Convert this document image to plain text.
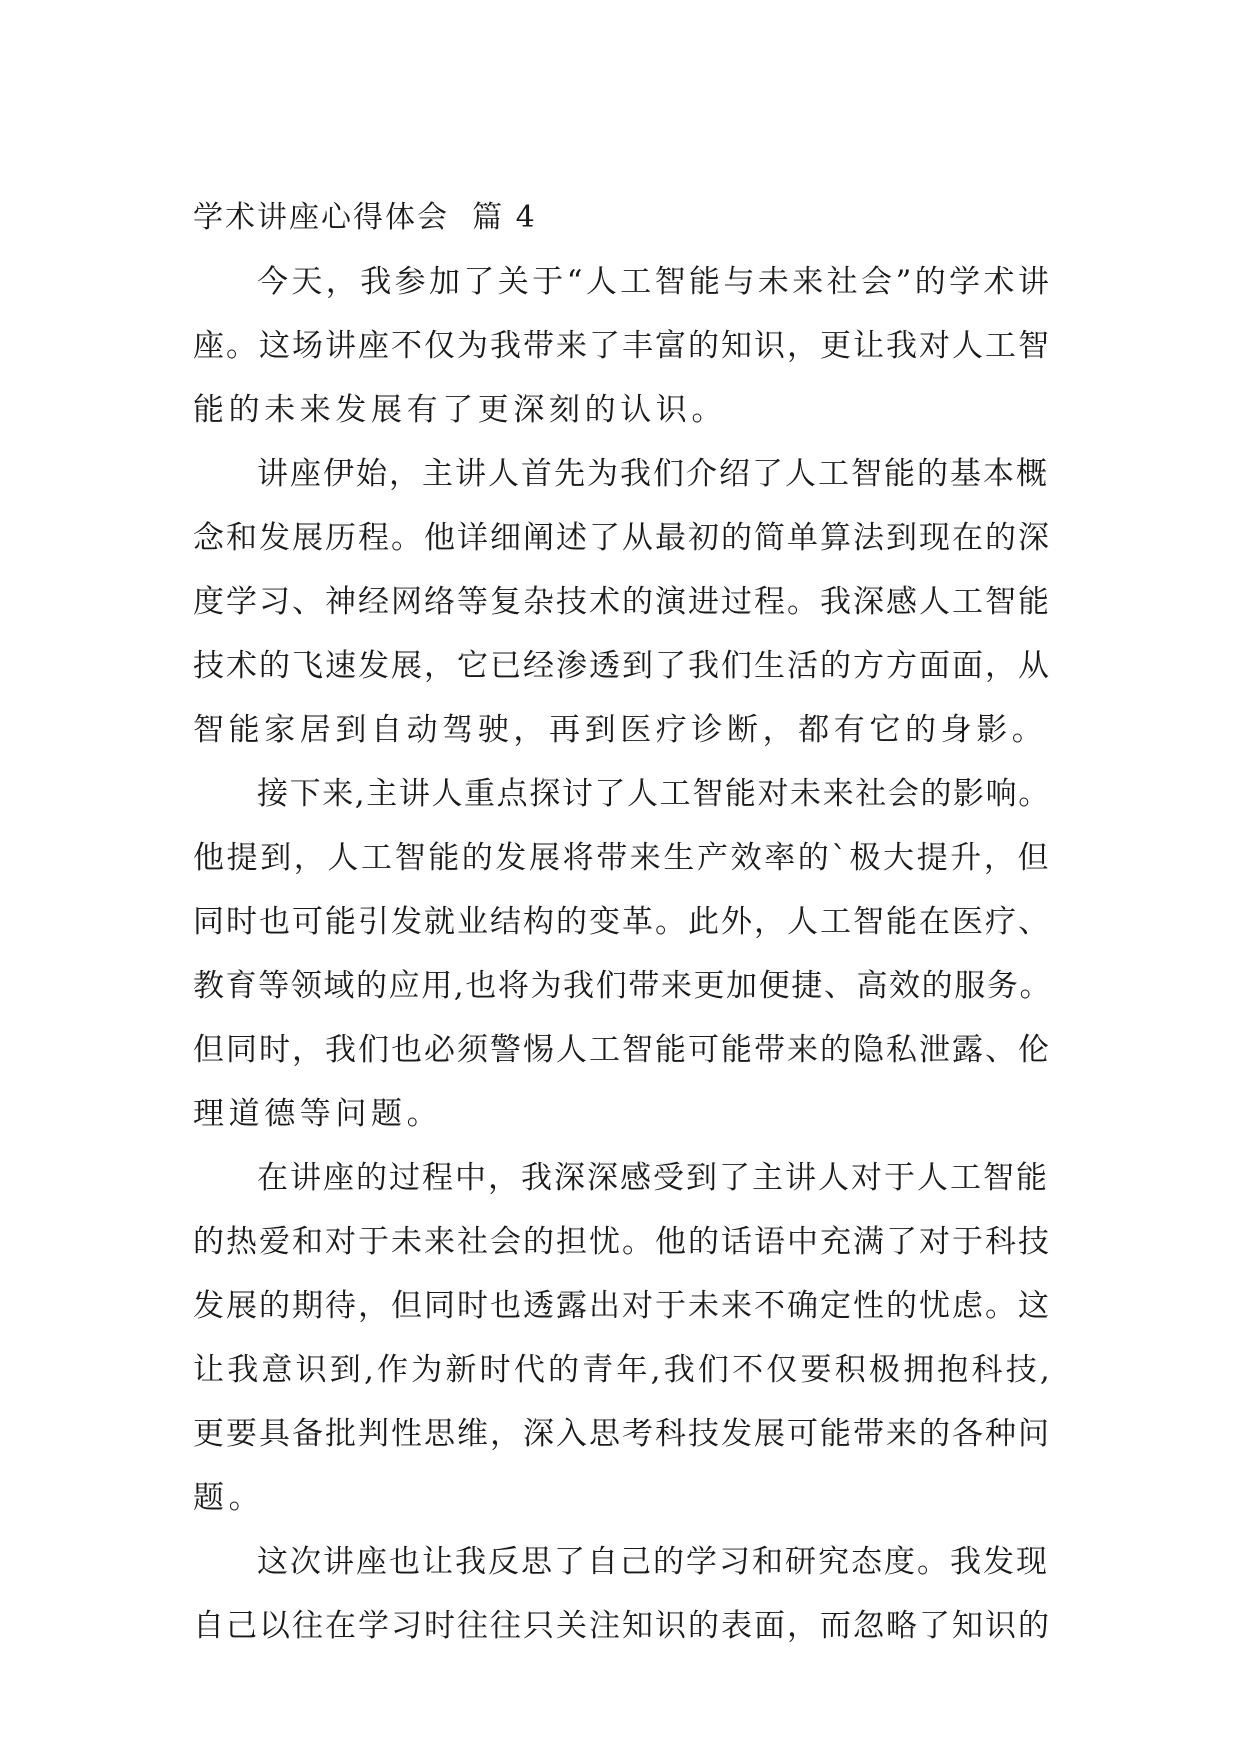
学术讲座心得体会  篇 4
今天，我参加了关于“人工智能与未来社会”的学术讲
座。这场讲座不仅为我带来了丰富的知识，更让我对人工智
能的未来发展有了更深刻的认识。
讲座伊始，主讲人首先为我们介绍了人工智能的基本概
念和发展历程。他详细阐述了从最初的简单算法到现在的深
度学习、神经网络等复杂技术的演进过程。我深感人工智能
技术的飞速发展，它已经渗透到了我们生活的方方面面，从
智能家居到自动驾驶，再到医疗诊断，都有它的身影。
接下来,主讲人重点探讨了人工智能对未来社会的影响。
他提到，人工智能的发展将带来生产效率的`极大提升，但
同时也可能引发就业结构的变革。此外，人工智能在医疗、
教育等领域的应用,也将为我们带来更加便捷、高效的服务。
但同时，我们也必须警惕人工智能可能带来的隐私泄露、伦
理道德等问题。
在讲座的过程中，我深深感受到了主讲人对于人工智能
的热爱和对于未来社会的担忧。他的话语中充满了对于科技
发展的期待，但同时也透露出对于未来不确定性的忧虑。这
让我意识到,作为新时代的青年,我们不仅要积极拥抱科技,
更要具备批判性思维，深入思考科技发展可能带来的各种问
题。
这次讲座也让我反思了自己的学习和研究态度。我发现
自己以往在学习时往往只关注知识的表面，而忽略了知识的
